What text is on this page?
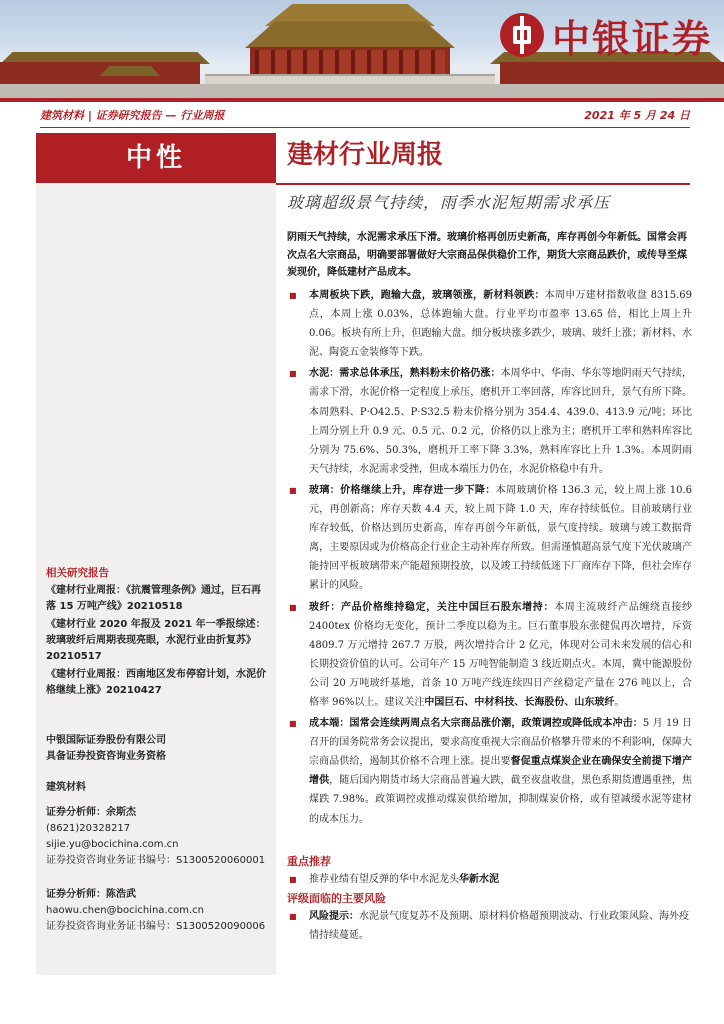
中银证券
建筑材料 | 证券研究报告 — 行业周报	2021 年 5 月 24 日
中性
相关研究报告
《建材行业周报：《抗震管理条例》通过，巨石再落 15 万吨产线》20210518
《建材行业 2020 年报及 2021 年一季报综述：玻璃玻纤后周期表现亮眼，水泥行业由折复苏》20210517
《建材行业周报：西南地区发布停窑计划，水泥价格继续上涨》20210427
中银国际证券股份有限公司
具备证券投资咨询业务资格
建筑材料
证券分析师：余斯杰
(8621)20328217
sijie.yu@bocichina.com.cn
证券投资咨询业务证书编号：S1300520060001
证券分析师：陈浩武
haowu.chen@bocichina.com.cn
证券投资咨询业务证书编号：S1300520090006
建材行业周报
玻璃超级景气持续，雨季水泥短期需求承压
阴雨天气持续，水泥需求承压下滑。玻璃价格再创历史新高，库存再创今年新低。国常会再次点名大宗商品，明确要部署做好大宗商品保供稳价工作，期货大宗商品跌价，或传导至煤炭现价，降低建材产品成本。
■ 本周板块下跌，跑输大盘，玻璃领涨，新材料领跌：本周申万建材指数收盘 8315.69 点，本周上涨 0.03%，总体跑输大盘。行业平均市盈率 13.65 倍，相比上周上升 0.06。板块有所上升，但跑输大盘。细分板块涨多跌少，玻璃、玻纤上涨；新材料、水泥、陶瓷五金装修等下跌。
■ 水泥：需求总体承压，熟料粉末价格仍涨：本周华中、华南、华东等地阴雨天气持续，需求下滑，水泥价格一定程度上承压，磨机开工率回落，库容比回升，景气有所下降。本周熟料、P·O42.5、P·S32.5 粉末价格分别为 354.4、439.0、413.9 元/吨；环比上周分别上升 0.9 元、0.5 元、0.2 元，价格仍以上涨为主；磨机开工率和熟料库容比分别为 75.6%、50.3%，磨机开工率下降 3.3%，熟料库容比上升 1.3%。本周阴雨天气持续，水泥需求受挫，但成本端压力仍在，水泥价格稳中有升。
■ 玻璃：价格继续上升，库存进一步下降：本周玻璃价格 136.3 元，较上周上涨 10.6 元，再创新高；库存天数 4.4 天，较上周下降 1.0 天，库存持续低位。目前玻璃行业库存较低，价格达到历史新高，库存再创今年新低，景气度持续。玻璃与竣工数据背离，主要原因或为价格高企行业企主动补库存所致。但需谨慎超高景气度下光伏玻璃产能持回平板玻璃带来产能超预期投放，以及竣工持续低迷下厂商库存下降，但社会库存累计的风险。
■ 玻纤：产品价格维持稳定，关注中国巨石股东增持：本周主流玻纤产品缠绕直接纱 2400tex 价格均无变化，预计二季度以稳为主。巨石董事股东张健侃再次增持，斥资 4809.7 万元增持 267.7 万股，两次增持合计 2 亿元，体现对公司未来发展的信心和长期投资价值的认可。公司年产 15 万吨智能制造 3 线近期点火。本周，冀中能源股份公司 20 万吨玻纤基地，首条 10 万吨产线连续四日产丝稳定产量在 276 吨以上，合格率 96%以上。建议关注中国巨石、中材科技、长海股份、山东玻纤。
■ 成本端：国常会连续两周点名大宗商品涨价潮，政策调控或降低成本冲击：5 月 19 日召开的国务院常务会议提出，要求高度重视大宗商品价格攀升带来的不利影响，保障大宗商品供给，遏制其价格不合理上涨。提出要督促重点煤炭企业在确保安全前提下增产增供，随后国内期货市场大宗商品普遍大跌，截至夜盘收盘，黑色系期货遭遇重挫，焦煤跌 7.98%。政策调控或推动煤炭供给增加，抑制煤炭价格，或有望减缓水泥等建材的成本压力。
重点推荐
■ 推荐业绩有望反弹的华中水泥龙头华新水泥
评级面临的主要风险
■ 风险提示：水泥景气度复苏不及预期、原材料价格超预期波动、行业政策风险、海外疫情持续蔓延。
